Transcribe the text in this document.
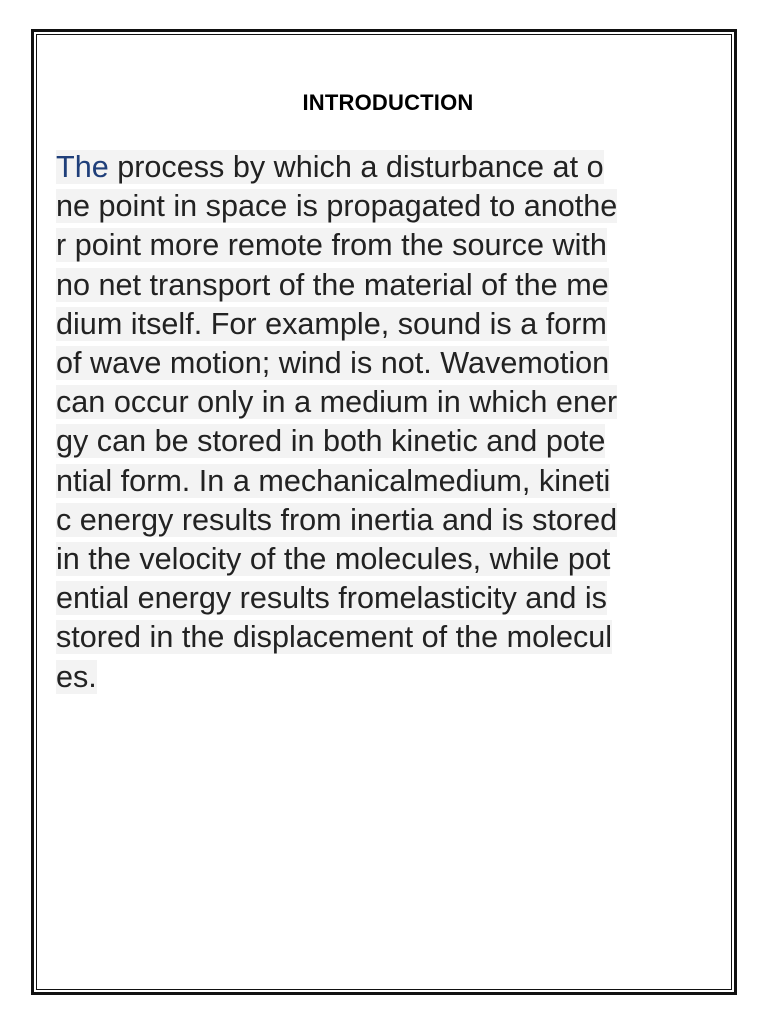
INTRODUCTION
The process by which a disturbance at o
ne point in space is propagated to anothe
r point more remote from the source with
no net transport of the material of the me
dium itself. For example, sound is a form
of wave motion; wind is not. Wavemotion
can occur only in a medium in which ener
gy can be stored in both kinetic and pote
ntial form. In a mechanicalmedium, kineti
c energy results from inertia and is stored
in the velocity of the molecules, while pot
ential energy results fromelasticity and is
stored in the displacement of the molecul
es.
